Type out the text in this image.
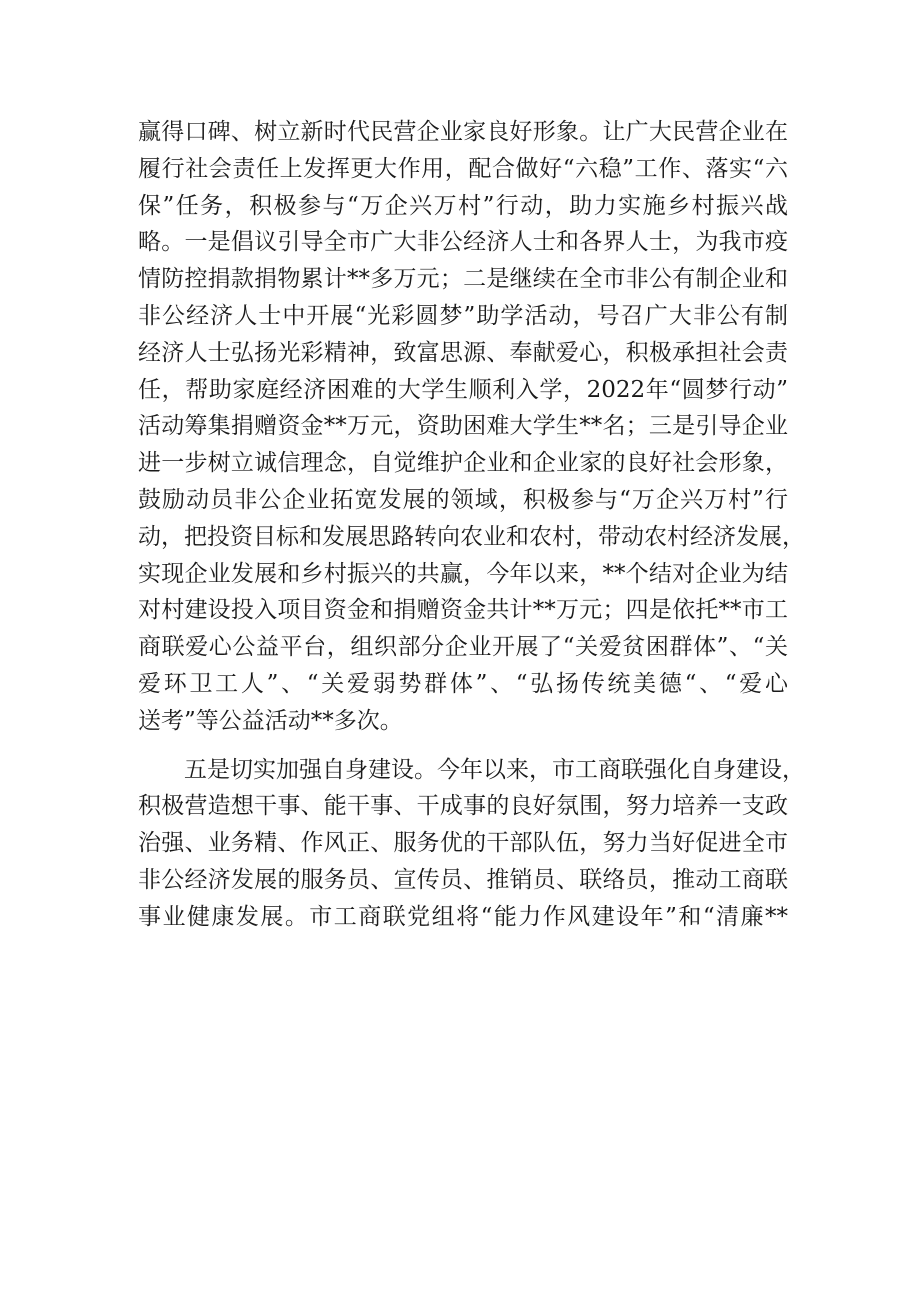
赢得口碑、树立新时代民营企业家良好形象。让广大民营企业在
履行社会责任上发挥更大作用，配合做好“六稳”工作、落实“六
保”任务，积极参与“万企兴万村”行动，助力实施乡村振兴战
略。一是倡议引导全市广大非公经济人士和各界人士，为我市疫
情防控捐款捐物累计**多万元；二是继续在全市非公有制企业和
非公经济人士中开展“光彩圆梦”助学活动，号召广大非公有制
经济人士弘扬光彩精神，致富思源、奉献爱心，积极承担社会责
任，帮助家庭经济困难的大学生顺利入学，2022年“圆梦行动”
活动筹集捐赠资金**万元，资助困难大学生**名；三是引导企业
进一步树立诚信理念，自觉维护企业和企业家的良好社会形象，
鼓励动员非公企业拓宽发展的领域，积极参与“万企兴万村”行
动，把投资目标和发展思路转向农业和农村，带动农村经济发展，
实现企业发展和乡村振兴的共赢，今年以来，**个结对企业为结
对村建设投入项目资金和捐赠资金共计**万元；四是依托**市工
商联爱心公益平台，组织部分企业开展了“关爱贫困群体”、“关
爱环卫工人”、“关爱弱势群体”、“弘扬传统美德“、“爱心
送考”等公益活动**多次。
五是切实加强自身建设。今年以来，市工商联强化自身建设，
积极营造想干事、能干事、干成事的良好氛围，努力培养一支政
治强、业务精、作风正、服务优的干部队伍，努力当好促进全市
非公经济发展的服务员、宣传员、推销员、联络员，推动工商联
事业健康发展。市工商联党组将“能力作风建设年”和“清廉**
